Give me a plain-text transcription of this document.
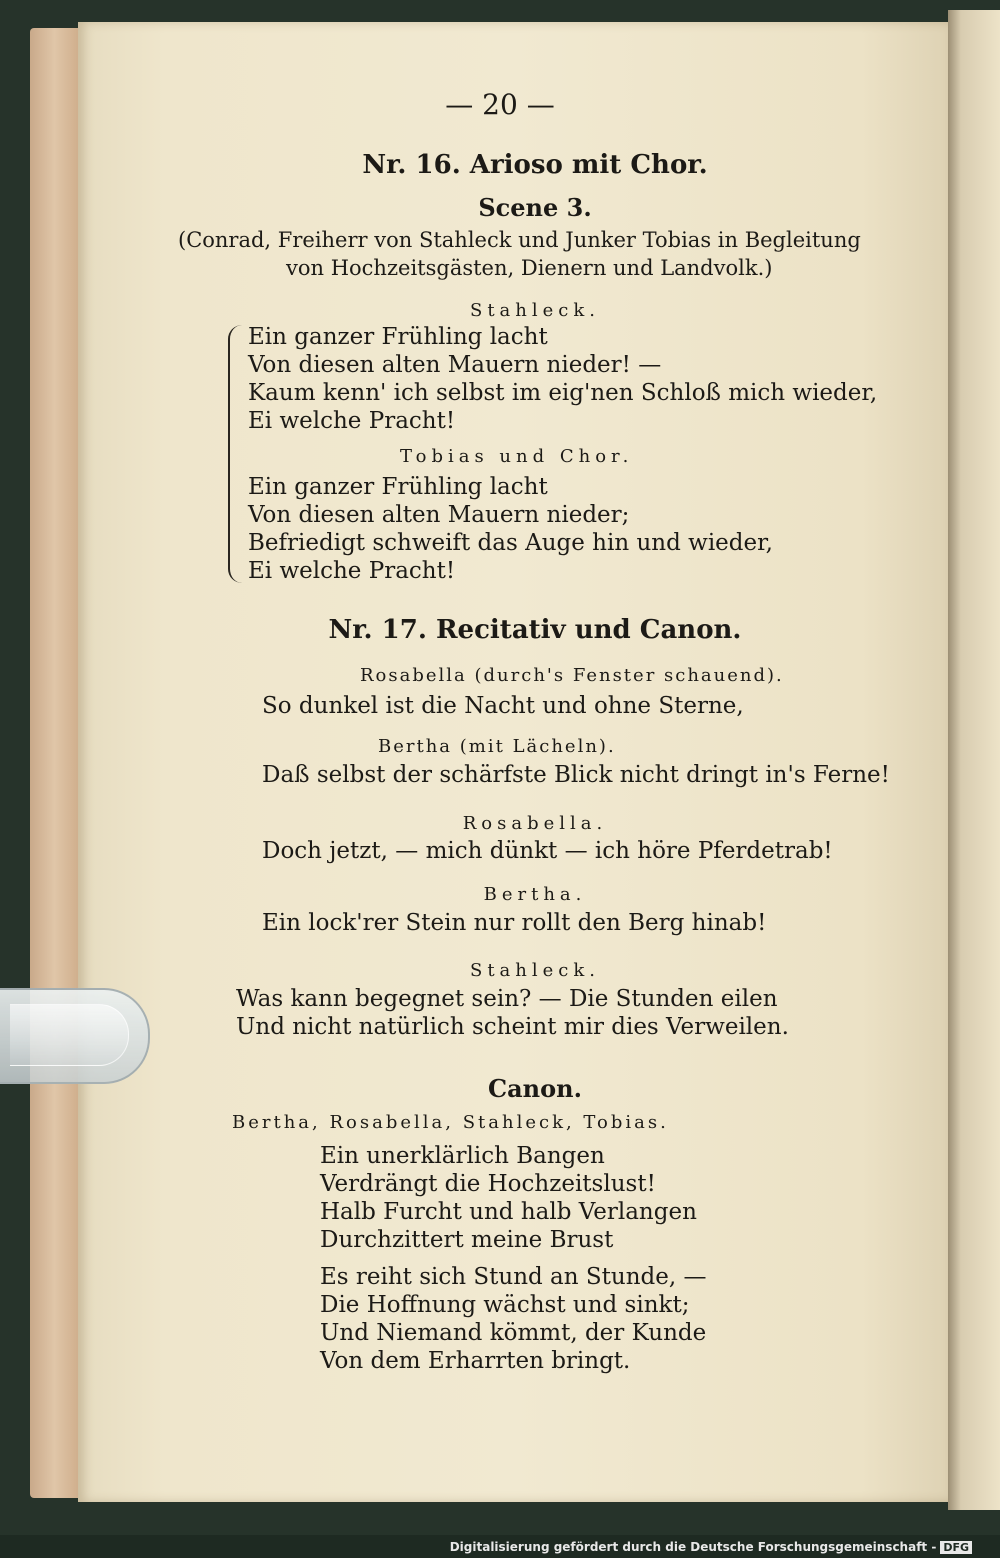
— 20 —
Nr. 16. Arioso mit Chor.
Scene 3.
(Conrad, Freiherr von Stahleck und Junker Tobias in Begleitung
von Hochzeitsgästen, Dienern und Landvolk.)
Stahleck.
Ein ganzer Frühling lacht
Von diesen alten Mauern nieder! —
Kaum kenn' ich selbst im eig'nen Schloß mich wieder,
Ei welche Pracht!
Tobias und Chor.
Ein ganzer Frühling lacht
Von diesen alten Mauern nieder;
Befriedigt schweift das Auge hin und wieder,
Ei welche Pracht!
Nr. 17. Recitativ und Canon.
Rosabella (durch's Fenster schauend).
So dunkel ist die Nacht und ohne Sterne,
Bertha (mit Lächeln).
Daß selbst der schärfste Blick nicht dringt in's Ferne!
Rosabella.
Doch jetzt, — mich dünkt — ich höre Pferdetrab!
Bertha.
Ein lock'rer Stein nur rollt den Berg hinab!
Stahleck.
Was kann begegnet sein? — Die Stunden eilen
Und nicht natürlich scheint mir dies Verweilen.
Canon.
Bertha, Rosabella, Stahleck, Tobias.
Ein unerklärlich Bangen
Verdrängt die Hochzeitslust!
Halb Furcht und halb Verlangen
Durchzittert meine Brust
Es reiht sich Stund an Stunde, —
Die Hoffnung wächst und sinkt;
Und Niemand kömmt, der Kunde
Von dem Erharrten bringt.
Digitalisierung gefördert durch die Deutsche Forschungsgemeinschaft - DFG
